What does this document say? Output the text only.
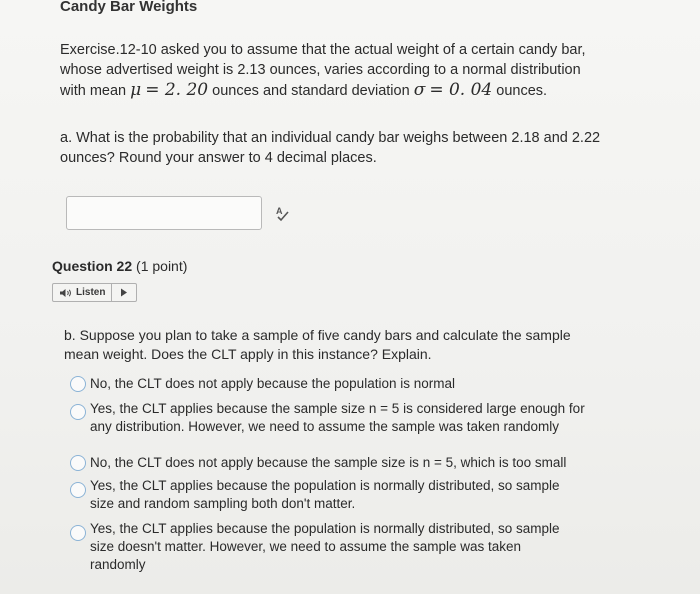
Candy Bar Weights
Exercise.12-10 asked you to assume that the actual weight of a certain candy bar,
whose advertised weight is 2.13 ounces, varies according to a normal distribution
with mean μ = 2. 20 ounces and standard deviation σ = 0. 04 ounces.
a. What is the probability that an individual candy bar weighs between 2.18 and 2.22
ounces? Round your answer to 4 decimal places.
A
Question 22 (1 point)
Listen
b. Suppose you plan to take a sample of five candy bars and calculate the sample
mean weight. Does the CLT apply in this instance? Explain.
No, the CLT does not apply because the population is normal
Yes, the CLT applies because the sample size n = 5 is considered large enough for
any distribution. However, we need to assume the sample was taken randomly
No, the CLT does not apply because the sample size is n = 5, which is too small
Yes, the CLT applies because the population is normally distributed, so sample
size and random sampling both don't matter.
Yes, the CLT applies because the population is normally distributed, so sample
size doesn't matter. However, we need to assume the sample was taken
randomly
